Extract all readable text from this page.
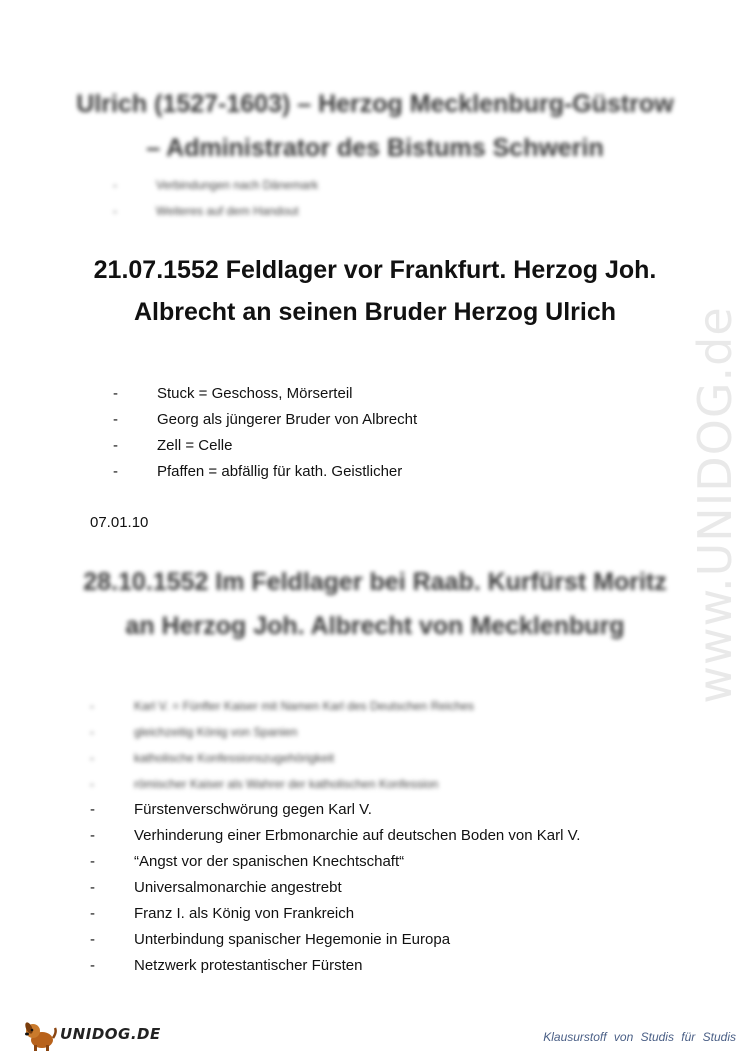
www.UNIDOG.de
Ulrich (1527-1603) – Herzog Mecklenburg-Güstrow
– Administrator des Bistums Schwerin
-	Verbindungen nach Dänemark
-	Weiteres auf dem Handout
21.07.1552 Feldlager vor Frankfurt. Herzog Joh.
Albrecht an seinen Bruder Herzog Ulrich
-	Stuck = Geschoss, Mörserteil
-	Georg als jüngerer Bruder von Albrecht
-	Zell = Celle
-	Pfaffen = abfällig für kath. Geistlicher
07.01.10
28.10.1552 Im Feldlager bei Raab. Kurfürst Moritz
an Herzog Joh. Albrecht von Mecklenburg
-	Karl V. = Fünfter Kaiser mit Namen Karl des Deutschen Reiches
-	gleichzeitig König von Spanien
-	katholische Konfessionszugehörigkeit
-	römischer Kaiser als Wahrer der katholischen Konfession
-	Fürstenverschwörung gegen Karl V.
-	Verhinderung einer Erbmonarchie auf deutschen Boden von Karl V.
-	“Angst vor der spanischen Knechtschaft“
-	Universalmonarchie angestrebt
-	Franz I. als König von Frankreich
-	Unterbindung spanischer Hegemonie in Europa
-	Netzwerk protestantischer Fürsten
UNIDOG.DE	Klausurstoff von Studis für Studis
